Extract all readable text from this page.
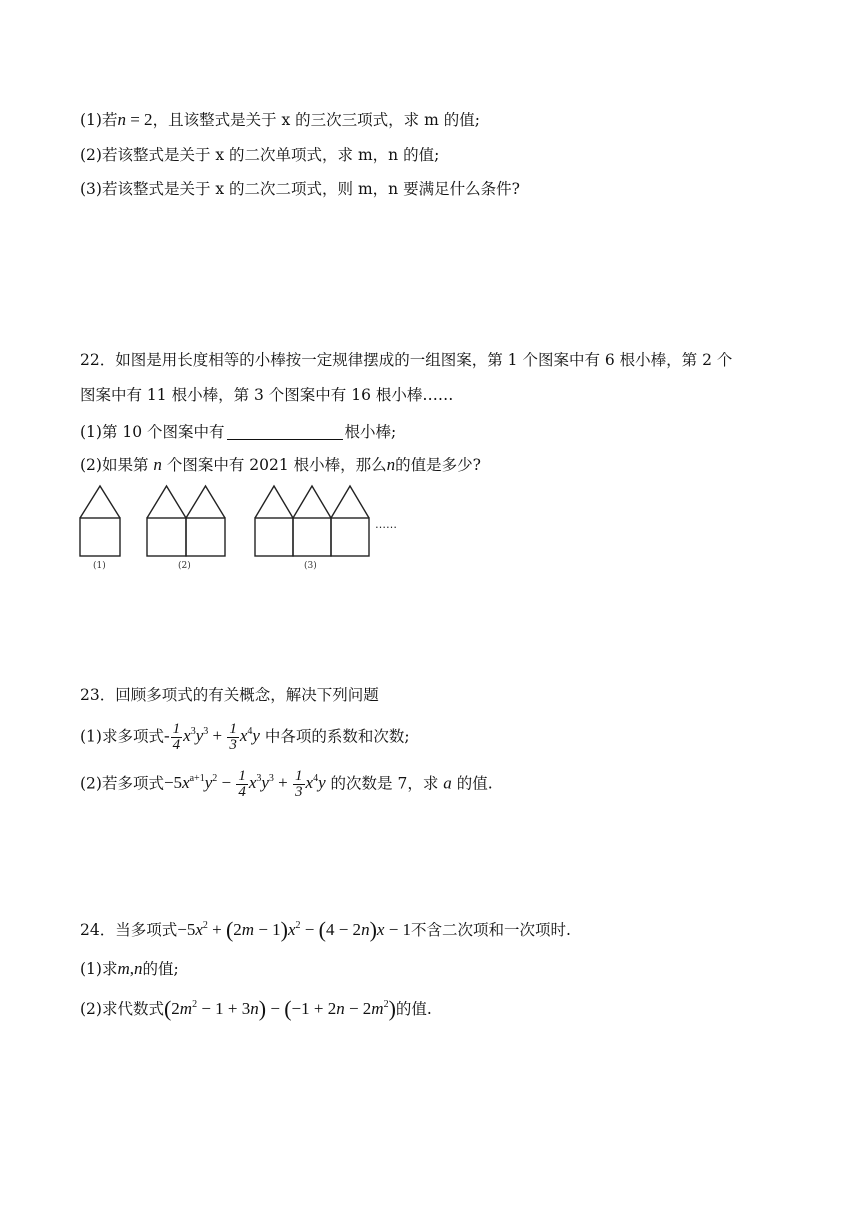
(1)若n = 2，且该整式是关于 x 的三次三项式，求 m 的值;
(2)若该整式是关于 x 的二次单项式，求 m，n 的值;
(3)若该整式是关于 x 的二次二项式，则 m，n 要满足什么条件?
22．如图是用长度相等的小棒按一定规律摆成的一组图案，第 1 个图案中有 6 根小棒，第 2 个
图案中有 11 根小棒，第 3 个图案中有 16 根小棒……
(1)第 10 个图案中有	根小棒;
(2)如果第 n 个图案中有 2021 根小棒，那么n的值是多少?
……
(1)	(2)	(3)
23．回顾多项式的有关概念，解决下列问题
(1)求多项式- $\frac{1}{4} x^3y^3 + \frac{1}{3} x^4y$ 中各项的系数和次数;
(2)若多项式$-5x^{a+1}y^2 - \frac{1}{4} x^3y^3 + \frac{1}{3} x^4y$ 的次数是 7，求 a 的值.
24．当多项式$-5x^2 + (2m - 1)x^2 - (4 - 2n)x - 1$不含二次项和一次项时.
(1)求m,n的值;
(2)求代数式$(2m^2 - 1 + 3n) - (-1 + 2n - 2m^2)$的值.
